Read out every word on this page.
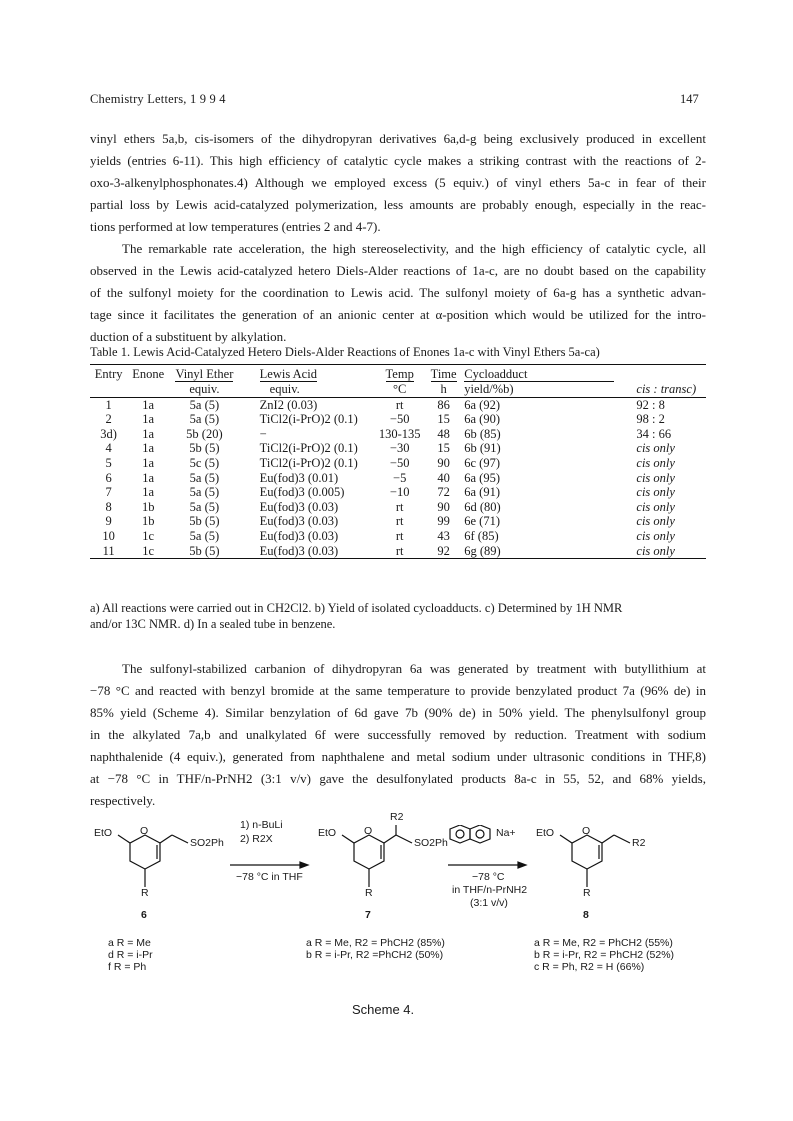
Chemistry Letters, 1 9 9 4	147
vinyl ethers 5a,b, cis-isomers of the dihydropyran derivatives 6a,d-g being exclusively produced in excellent
yields (entries 6-11). This high efficiency of catalytic cycle makes a striking contrast with the reactions of 2-
oxo-3-alkenylphosphonates.4) Although we employed excess (5 equiv.) of vinyl ethers 5a-c in fear of their
partial loss by Lewis acid-catalyzed polymerization, less amounts are probably enough, especially in the reac-
tions performed at low temperatures (entries 2 and 4-7).
The remarkable rate acceleration, the high stereoselectivity, and the high efficiency of catalytic cycle, all
observed in the Lewis acid-catalyzed hetero Diels-Alder reactions of 1a-c, are no doubt based on the capability
of the sulfonyl moiety for the coordination to Lewis acid. The sulfonyl moiety of 6a-g has a synthetic advan-
tage since it facilitates the generation of an anionic center at α-position which would be utilized for the intro-
duction of a substituent by alkylation.
Table 1. Lewis Acid-Catalyzed Hetero Diels-Alder Reactions of Enones 1a-c with Vinyl Ethers 5a-ca)
Entry	Enone	Vinyl Ether	Lewis Acid	Temp	Time	Cycloadduct	
		equiv.	equiv.	°C	h	yield/%b)	cis : transc)
1	1a	5a (5)	ZnI2 (0.03)	rt	86	6a (92)	92 : 8
2	1a	5a (5)	TiCl2(i-PrO)2 (0.1)	−50	15	6a (90)	98 : 2
3d)	1a	5b (20)	−	130-135	48	6b (85)	34 : 66
4	1a	5b (5)	TiCl2(i-PrO)2 (0.1)	−30	15	6b (91)	cis only
5	1a	5c (5)	TiCl2(i-PrO)2 (0.1)	−50	90	6c (97)	cis only
6	1a	5a (5)	Eu(fod)3 (0.01)	−5	40	6a (95)	cis only
7	1a	5a (5)	Eu(fod)3 (0.005)	−10	72	6a (91)	cis only
8	1b	5a (5)	Eu(fod)3 (0.03)	rt	90	6d (80)	cis only
9	1b	5b (5)	Eu(fod)3 (0.03)	rt	99	6e (71)	cis only
10	1c	5a (5)	Eu(fod)3 (0.03)	rt	43	6f (85)	cis only
11	1c	5b (5)	Eu(fod)3 (0.03)	rt	92	6g (89)	cis only
a) All reactions were carried out in CH2Cl2. b) Yield of isolated cycloadducts. c) Determined by 1H NMR
and/or 13C NMR. d) In a sealed tube in benzene.
The sulfonyl-stabilized carbanion of dihydropyran 6a was generated by treatment with butyllithium at
−78 °C and reacted with benzyl bromide at the same temperature to provide benzylated product 7a (96% de) in
85% yield (Scheme 4). Similar benzylation of 6d gave 7b (90% de) in 50% yield. The phenylsulfonyl group
in the alkylated 7a,b and unalkylated 6f were successfully removed by reduction. Treatment with sodium
naphthalenide (4 equiv.), generated from naphthalene and metal sodium under ultrasonic conditions in THF,8)
at −78 °C in THF/n-PrNH2 (3:1 v/v) gave the desulfonylated products 8a-c in 55, 52, and 68% yields,
respectively.
EtO	O
SO2Ph
R
6
1) n-BuLi
2) R2X
−78 °C in THF
EtO	O
SO2Ph
R2
R
7
Na+
−78 °C
in THF/n-PrNH2
(3:1 v/v)
EtO	O
R2
R
8
a R = Me
d R = i-Pr
f R = Ph
a R = Me, R2 = PhCH2 (85%)
b R = i-Pr, R2 =PhCH2 (50%)
a R = Me, R2 = PhCH2 (55%)
b R = i-Pr, R2 = PhCH2 (52%)
c R = Ph, R2 = H (66%)
Scheme 4.
